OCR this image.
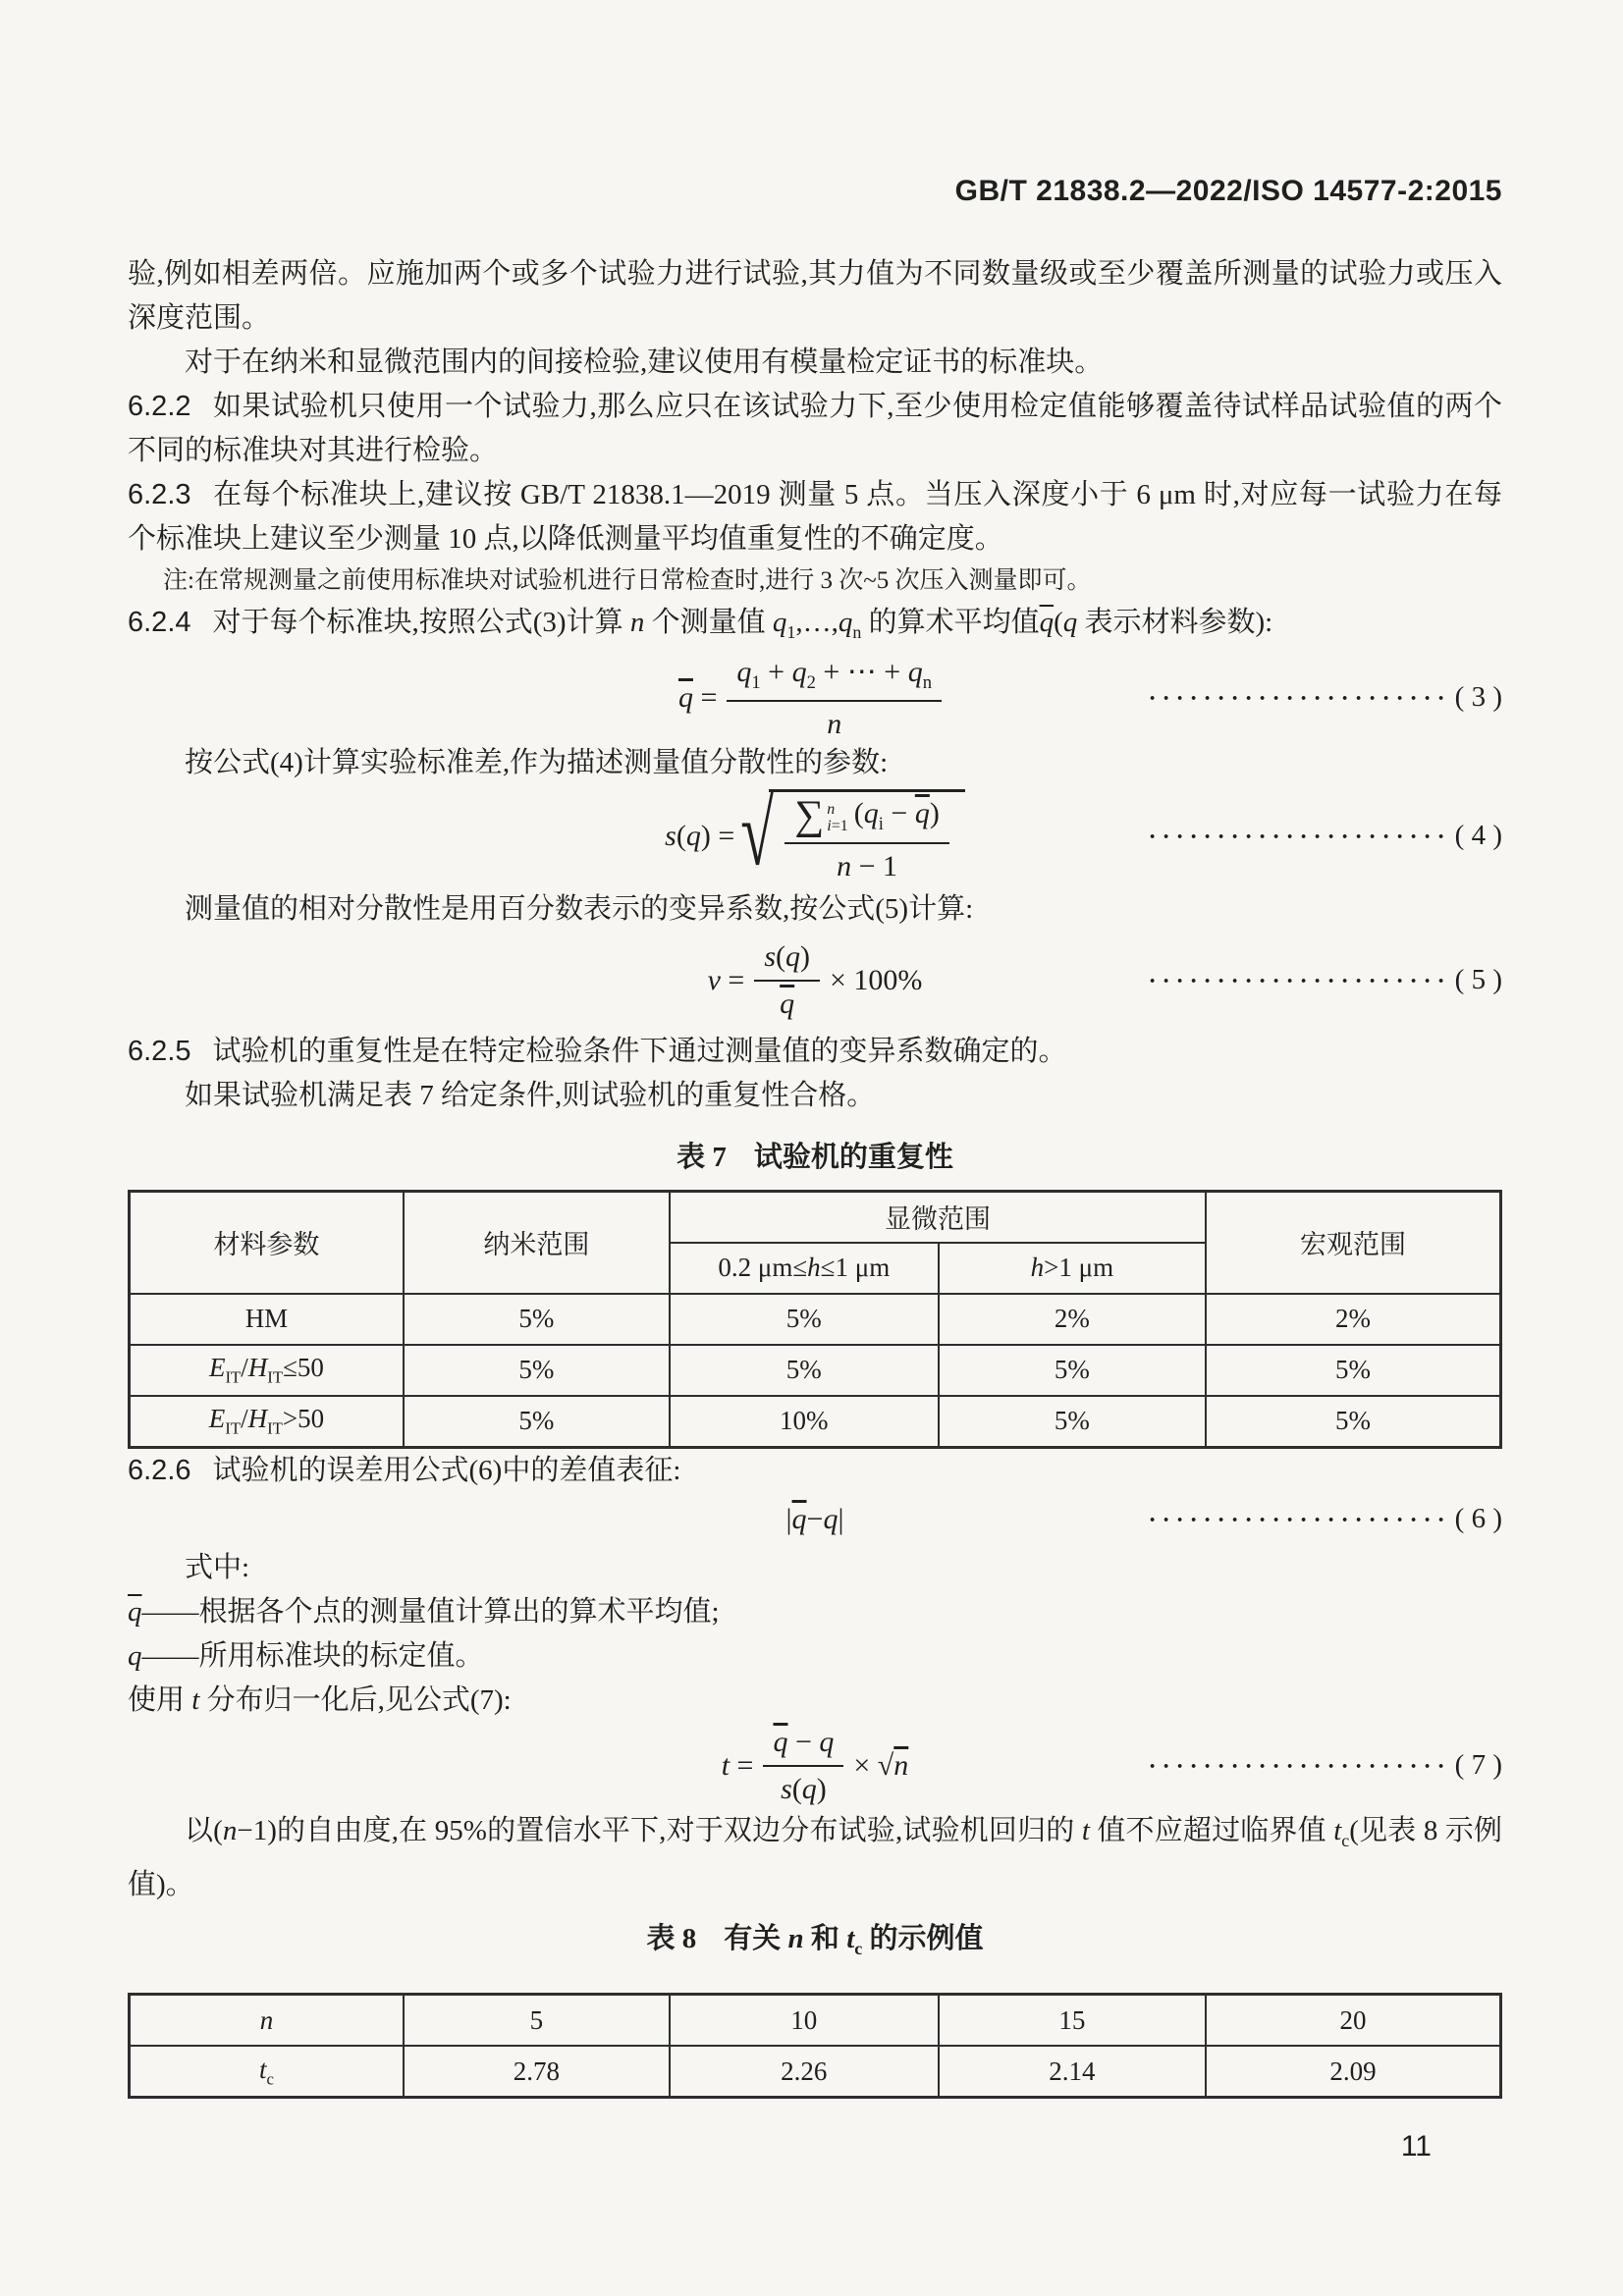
GB/T 21838.2—2022/ISO 14577-2:2015

验,例如相差两倍。应施加两个或多个试验力进行试验,其力值为不同数量级或至少覆盖所测量的试验力或压入深度范围。

对于在纳米和显微范围内的间接检验,建议使用有模量检定证书的标准块。

6.2.2 如果试验机只使用一个试验力,那么应只在该试验力下,至少使用检定值能够覆盖待试样品试验值的两个不同的标准块对其进行检验。

6.2.3 在每个标准块上,建议按 GB/T 21838.1—2019 测量 5 点。当压入深度小于 6 μm 时,对应每一试验力在每个标准块上建议至少测量 10 点,以降低测量平均值重复性的不确定度。

注:在常规测量之前使用标准块对试验机进行日常检查时,进行 3 次~5 次压入测量即可。

6.2.4 对于每个标准块,按照公式(3)计算 n 个测量值 $q_1,\dots,q_n$ 的算术平均值$\overline{q}(q$ 表示材料参数):

$\overline{q} = \frac{q_1 + q_2 + \cdots + q_n}{n}$	······················ ( 3 )

按公式(4)计算实验标准差,作为描述测量值分散性的参数:

s(q) = √ ∑ n
i=1 $(q_i - \overline{q})$
n − 1
······················ ( 4 )

测量值的相对分散性是用百分数表示的变异系数,按公式(5)计算:

$v = \frac{s(q)}{q} \times 100\%$	······················ ( 5 )

6.2.5 试验机的重复性是在特定检验条件下通过测量值的变异系数确定的。

如果试验机满足表 7 给定条件,则试验机的重复性合格。

表 7 试验机的重复性

材料参数	纳米范围	显微范围		宏观范围
		0.2 μm≤h≤1 μm	h>1 μm	
HM	5%	5%	2%	2%
$E_{IT}/H_{IT}\le 50$	5%	5%	5%	5%
$E_{IT}/H_{IT}>50$	5%	10%	5%	5%

6.2.6 试验机的误差用公式(6)中的差值表征:

| $\overline{q} - q$ |	······················ ( 6 )

式中:

$\overline{q}——$根据各个点的测量值计算出的算术平均值;

q——所用标准块的标定值。

使用 t 分布归一化后,见公式(7):

$t = \frac{\overline{q} - q}{s(q)} \times √n$	······················ ( 7 )

以(n−1)的自由度,在 95%的置信水平下,对于双边分布试验,试验机回归的 t 值不应超过临界值 $t_c$(见表 8 示例值)。

表 8 有关 n 和 $t_c$ 的示例值

n	5	10	15	20
$t_c$	2.78	2.26	2.14	2.09
11
